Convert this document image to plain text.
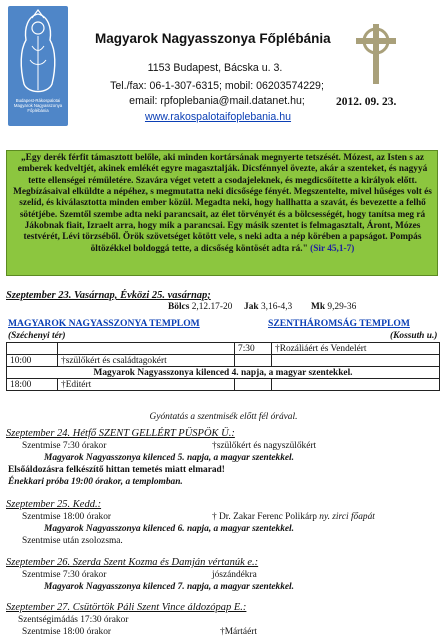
Budapest-Rákospalotai
Magyarok Nagyasszonya
Főplébánia
Magyarok Nagyasszonya Főplébánia
1153 Budapest, Bácska u. 3.
Tel./fax: 06-1-307-6315; mobil: 06203574229;
email: rpfoplebania@mail.datanet.hu;
www.rakospalotaifoplebania.hu
2012. 09. 23.
„Egy derék férfit támasztott belőle, aki minden kortársának megnyerte tetszését. Mózest, az Isten s az emberek kedveltjét, akinek emlékét egyre magasztalják. Dicsfénnyel övezte, akár a szenteket, és nagyyá tette ellenségei rémületére. Szavára véget vetett a csodajeleknek, és megdicsőítette a királyok előtt. Megbízásaival elküldte a népéhez, s megmutatta neki dicsősége fényét. Megszentelte, mivel hűséges volt és szelíd, és kiválasztotta minden ember közül. Megadta neki, hogy hallhatta a szavát, és bevezette a felhő sötétjébe. Szemtől szembe adta neki parancsait, az élet törvényét és a bölcsességét, hogy tanítsa meg rá Jákobnak fiait, Izraelt arra, hogy mik a parancsai. Egy másik szentet is felmagasztalt, Áront, Mózes testvérét, Lévi törzséből. Örök szövetséget kötött vele, s neki adta a nép körében a papságot. Pompás öltözékkel boldoggá tette, a dicsőség köntösét adta rá." (Sir 45,1-7)
Szeptember 23. Vasárnap, Évközi 25. vasárnap;
Bölcs 2,12.17-20 Jak 3,16-4,3 Mk 9,29-36
MAGYAROK NAGYASSZONYA TEMPLOM	SZENTHÁROMSÁG TEMPLOM
(Széchenyi tér)	(Kossuth u.)
		7:30	†Rozáliáért és Vendelért
10:00	†szülőkért és családtagokért		
Magyarok Nagyasszonya kilenced 4. napja, a magyar szentekkel.			
18:00	†Editért		
Gyóntatás a szentmisék előtt fél órával.
Szeptember 24. Hétfő SZENT GELLÉRT PÜSPÖK Ü.:
Szentmise 7:30 órakor	†szülőkért és nagyszülőkért
Magyarok Nagyasszonya kilenced 5. napja, a magyar szentekkel.
Elsőáldozásra felkészítő hittan temetés miatt elmarad!
Énekkari próba 19:00 órakor, a templomban.
Szeptember 25. Kedd.:
Szentmise 18:00 órakor	† Dr. Zakar Ferenc Polikárp ny. zirci főapát
Magyarok Nagyasszonya kilenced 6. napja, a magyar szentekkel.
Szentmise után zsolozsma.
Szeptember 26. Szerda Szent Kozma és Damján vértanúk e.:
Szentmise 7:30 órakor	jószándékra
Magyarok Nagyasszonya kilenced 7. napja, a magyar szentekkel.
Szeptember 27. Csütörtök Páli Szent Vince áldozópap E.:
Szentségimádás 17:30 órakor
Szentmise 18:00 órakor	†Mártáért
